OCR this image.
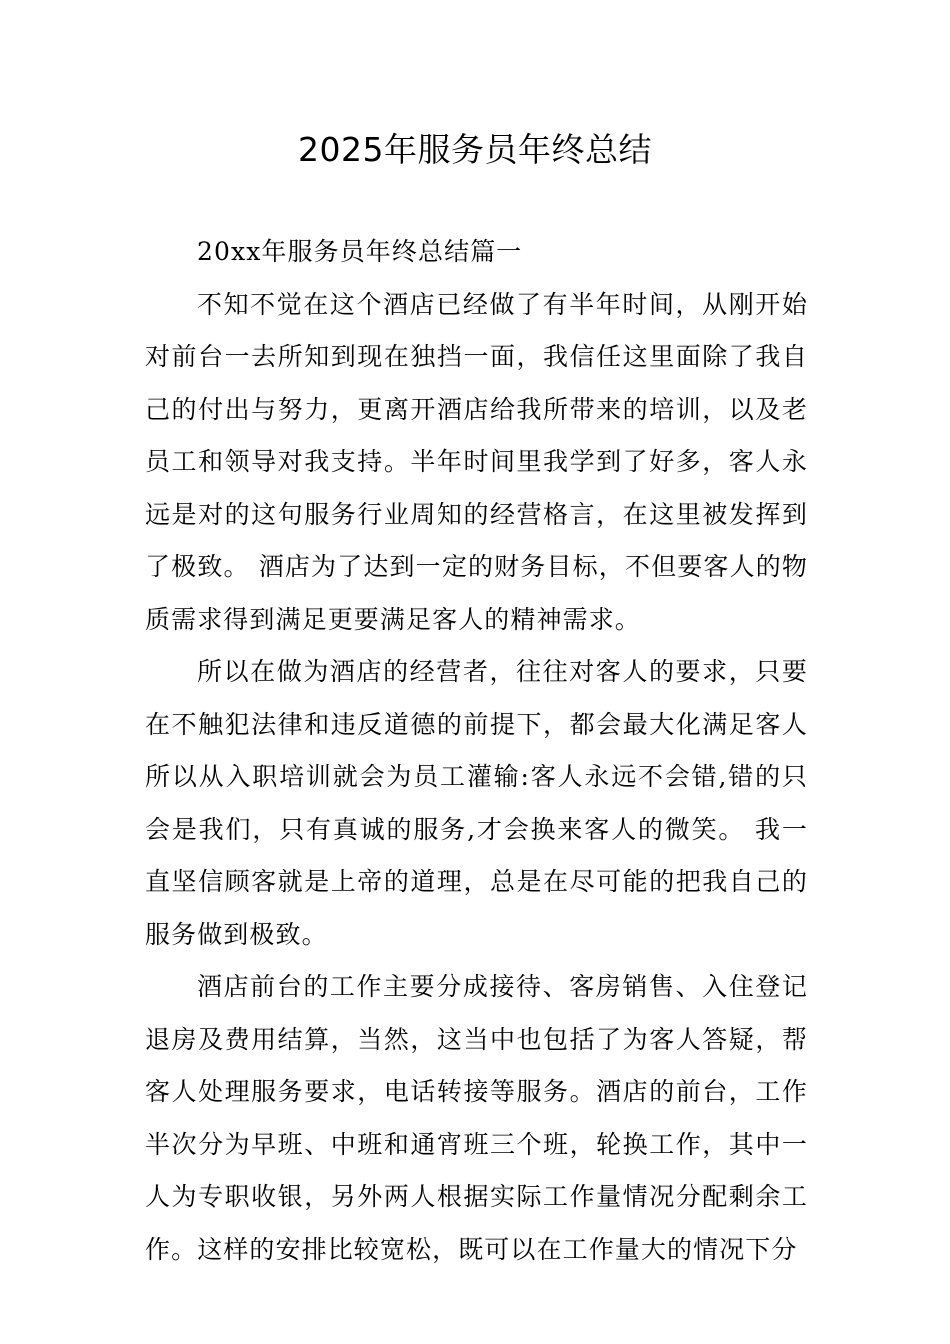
2025年服务员年终总结

20xx年服务员年终总结篇一

不知不觉在这个酒店已经做了有半年时间，从刚开始对前台一去所知到现在独挡一面，我信任这里面除了我自己的付出与努力，更离开酒店给我所带来的培训，以及老员工和领导对我支持。半年时间里我学到了好多，客人永远是对的这句服务行业周知的经营格言，在这里被发挥到了极致。 酒店为了达到一定的财务目标，不但要客人的物质需求得到满足更要满足客人的精神需求。

所以在做为酒店的经营者，往往对客人的要求，只要在不触犯法律和违反道德的前提下，都会最大化满足客人所以从入职培训就会为员工灌输:客人永远不会错,错的只会是我们，只有真诚的服务,才会换来客人的微笑。 我一直坚信顾客就是上帝的道理，总是在尽可能的把我自己的服务做到极致。

酒店前台的工作主要分成接待、客房销售、入住登记退房及费用结算，当然，这当中也包括了为客人答疑，帮客人处理服务要求，电话转接等服务。酒店的前台，工作半次分为早班、中班和通宵班三个班，轮换工作，其中一人为专职收银，另外两人根据实际工作量情况分配剩余工作。这样的安排比较宽松，既可以在工作量大的情况下分
